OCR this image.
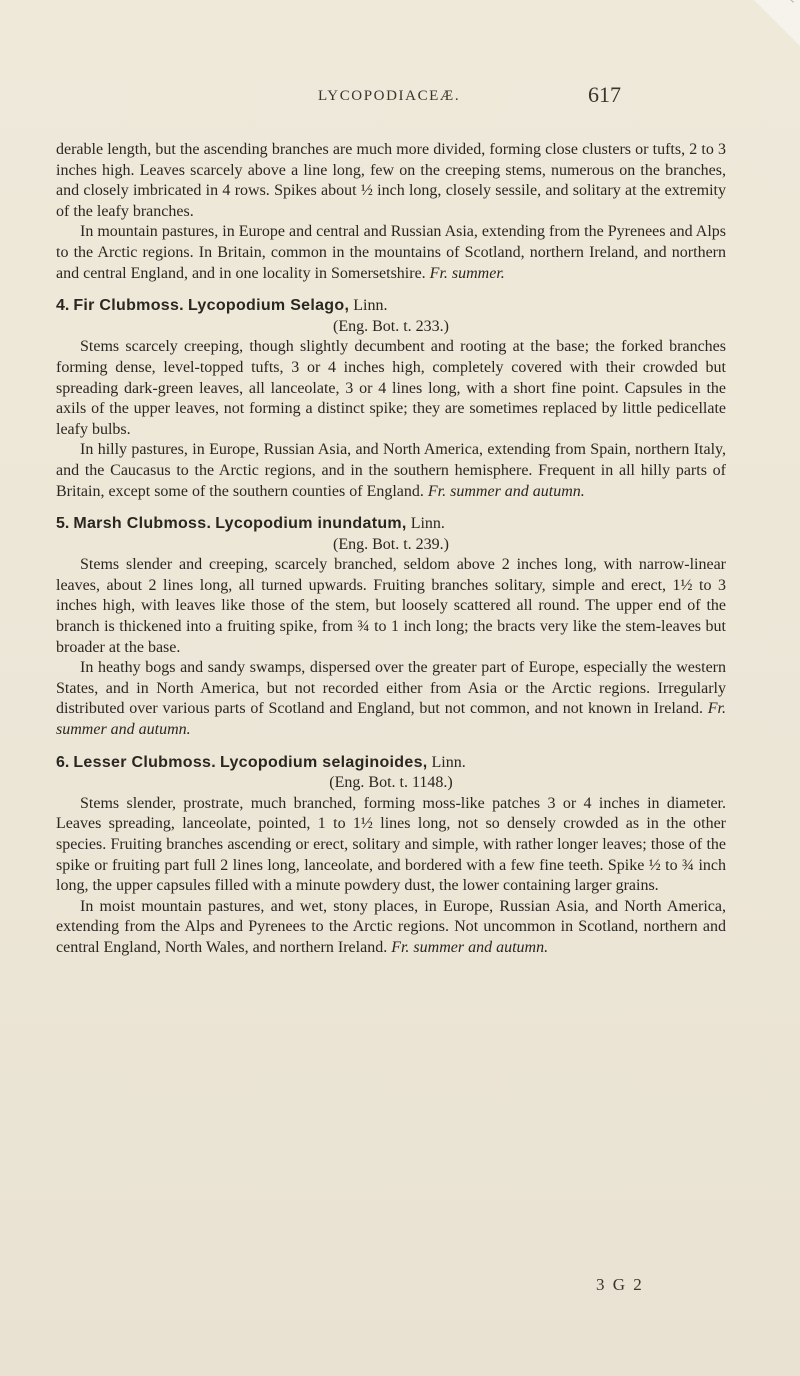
LYCOPODIACEÆ.	617

derable length, but the ascending branches are much more divided, forming close clusters or tufts, 2 to 3 inches high. Leaves scarcely above a line long, few on the creeping stems, numerous on the branches, and closely imbricated in 4 rows. Spikes about ½ inch long, closely sessile, and solitary at the extremity of the leafy branches.

In mountain pastures, in Europe and central and Russian Asia, extending from the Pyrenees and Alps to the Arctic regions. In Britain, common in the mountains of Scotland, northern Ireland, and northern and central England, and in one locality in Somersetshire. Fr. summer.

4. Fir Clubmoss. Lycopodium Selago, Linn.

(Eng. Bot. t. 233.)

Stems scarcely creeping, though slightly decumbent and rooting at the base; the forked branches forming dense, level-topped tufts, 3 or 4 inches high, completely covered with their crowded but spreading dark-green leaves, all lanceolate, 3 or 4 lines long, with a short fine point. Capsules in the axils of the upper leaves, not forming a distinct spike; they are sometimes replaced by little pedicellate leafy bulbs.

In hilly pastures, in Europe, Russian Asia, and North America, extending from Spain, northern Italy, and the Caucasus to the Arctic regions, and in the southern hemisphere. Frequent in all hilly parts of Britain, except some of the southern counties of England. Fr. summer and autumn.

5. Marsh Clubmoss. Lycopodium inundatum, Linn.

(Eng. Bot. t. 239.)

Stems slender and creeping, scarcely branched, seldom above 2 inches long, with narrow-linear leaves, about 2 lines long, all turned upwards. Fruiting branches solitary, simple and erect, 1½ to 3 inches high, with leaves like those of the stem, but loosely scattered all round. The upper end of the branch is thickened into a fruiting spike, from ¾ to 1 inch long; the bracts very like the stem-leaves but broader at the base.

In heathy bogs and sandy swamps, dispersed over the greater part of Europe, especially the western States, and in North America, but not recorded either from Asia or the Arctic regions. Irregularly distributed over various parts of Scotland and England, but not common, and not known in Ireland. Fr. summer and autumn.

6. Lesser Clubmoss. Lycopodium selaginoides, Linn.

(Eng. Bot. t. 1148.)

Stems slender, prostrate, much branched, forming moss-like patches 3 or 4 inches in diameter. Leaves spreading, lanceolate, pointed, 1 to 1½ lines long, not so densely crowded as in the other species. Fruiting branches ascending or erect, solitary and simple, with rather longer leaves; those of the spike or fruiting part full 2 lines long, lanceolate, and bordered with a few fine teeth. Spike ½ to ¾ inch long, the upper capsules filled with a minute powdery dust, the lower containing larger grains.

In moist mountain pastures, and wet, stony places, in Europe, Russian Asia, and North America, extending from the Alps and Pyrenees to the Arctic regions. Not uncommon in Scotland, northern and central England, North Wales, and northern Ireland. Fr. summer and autumn.

3 G 2
